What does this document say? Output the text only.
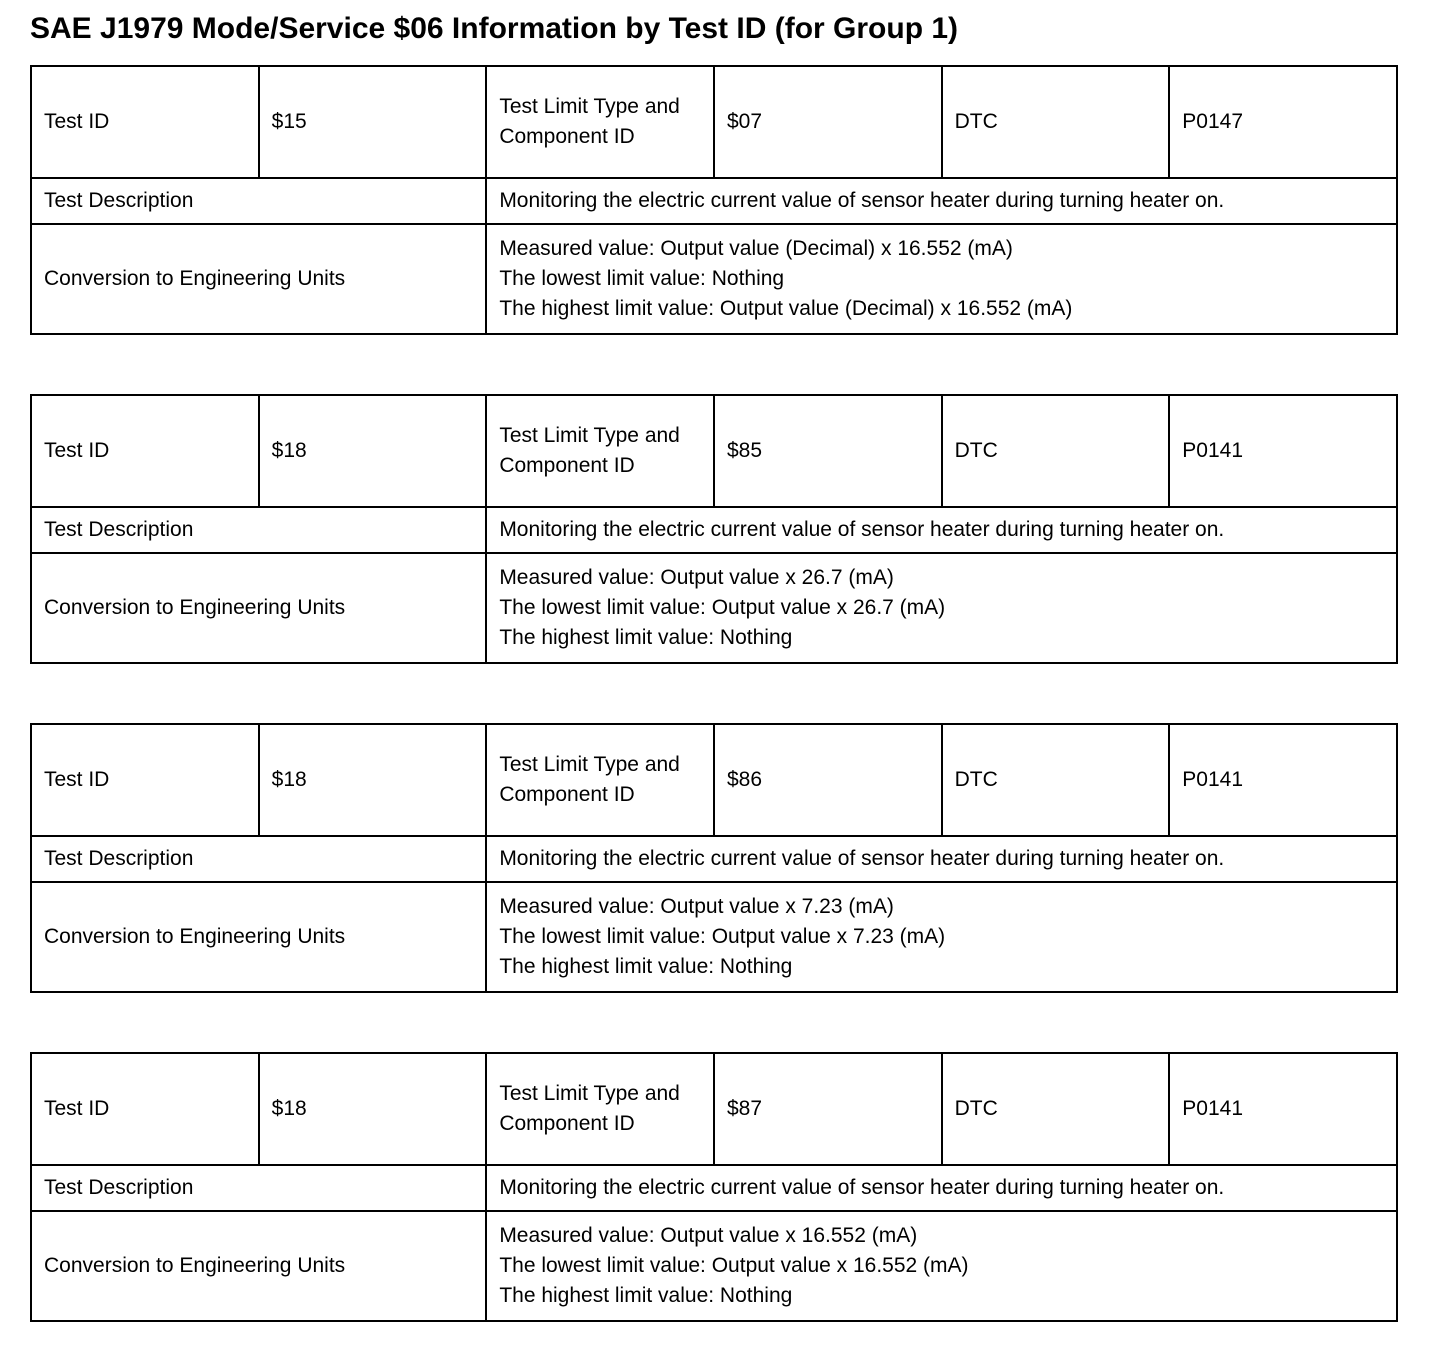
SAE J1979 Mode/Service $06 Information by Test ID (for Group 1)
Test ID	$15	Test Limit Type and Component ID	$07	DTC	P0147
Test Description		Monitoring the electric current value of sensor heater during turning heater on.			
Conversion to Engineering Units		Measured value: Output value (Decimal) x 16.552 (mA)
The lowest limit value: Nothing
The highest limit value: Output value (Decimal) x 16.552 (mA)			
Test ID	$18	Test Limit Type and Component ID	$85	DTC	P0141
Test Description		Monitoring the electric current value of sensor heater during turning heater on.			
Conversion to Engineering Units		Measured value: Output value x 26.7 (mA)
The lowest limit value: Output value x 26.7 (mA)
The highest limit value: Nothing			
Test ID	$18	Test Limit Type and Component ID	$86	DTC	P0141
Test Description		Monitoring the electric current value of sensor heater during turning heater on.			
Conversion to Engineering Units		Measured value: Output value x 7.23 (mA)
The lowest limit value: Output value x 7.23 (mA)
The highest limit value: Nothing			
Test ID	$18	Test Limit Type and Component ID	$87	DTC	P0141
Test Description		Monitoring the electric current value of sensor heater during turning heater on.			
Conversion to Engineering Units		Measured value: Output value x 16.552 (mA)
The lowest limit value: Output value x 16.552 (mA)
The highest limit value: Nothing			
